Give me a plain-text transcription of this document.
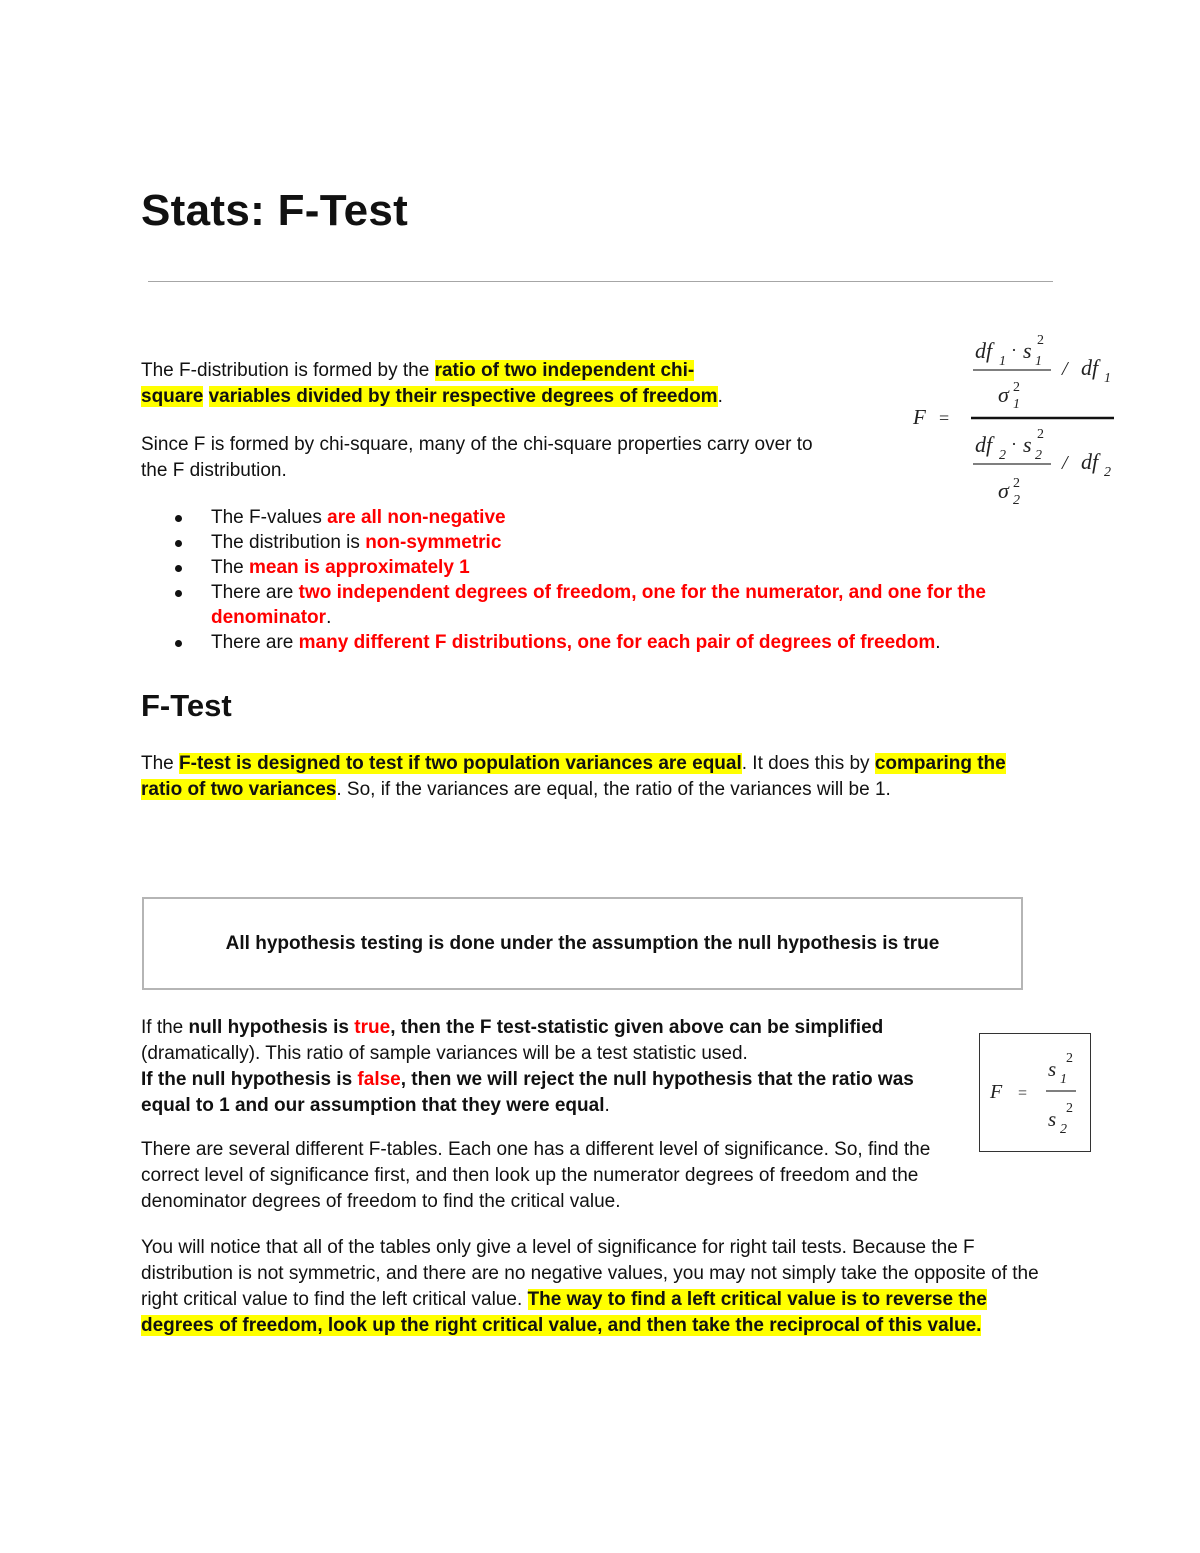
Stats: F-Test

The F-distribution is formed by the ratio of two independent chi-
square variables divided by their respective degrees of freedom.

Since F is formed by chi-square, many of the chi-square properties carry over to the F distribution.

F =
df 1
· s 1
2
/ df 1
σ 1
2
df 2
· s 2
2
/ df 2
σ 2
2
The F-values are all non-negative
The distribution is non-symmetric
The mean is approximately 1
There are two independent degrees of freedom, one for the numerator, and one for the denominator.
There are many different F distributions, one for each pair of degrees of freedom.
F-Test

The F-test is designed to test if two population variances are equal. It does this by comparing the ratio of two variances. So, if the variances are equal, the ratio of the variances will be 1.

All hypothesis testing is done under the assumption the null hypothesis is true

If the null hypothesis is true, then the F test-statistic given above can be simplified (dramatically). This ratio of sample variances will be a test statistic used.
If the null hypothesis is false, then we will reject the null hypothesis that the ratio was equal to 1 and our assumption that they were equal.

F =
s 1
2
s 2
2

There are several different F-tables. Each one has a different level of significance. So, find the correct level of significance first, and then look up the numerator degrees of freedom and the denominator degrees of freedom to find the critical value.

You will notice that all of the tables only give a level of significance for right tail tests. Because the F distribution is not symmetric, and there are no negative values, you may not simply take the opposite of the right critical value to find the left critical value. The way to find a left critical value is to reverse the degrees of freedom, look up the right critical value, and then take the reciprocal of this value.
